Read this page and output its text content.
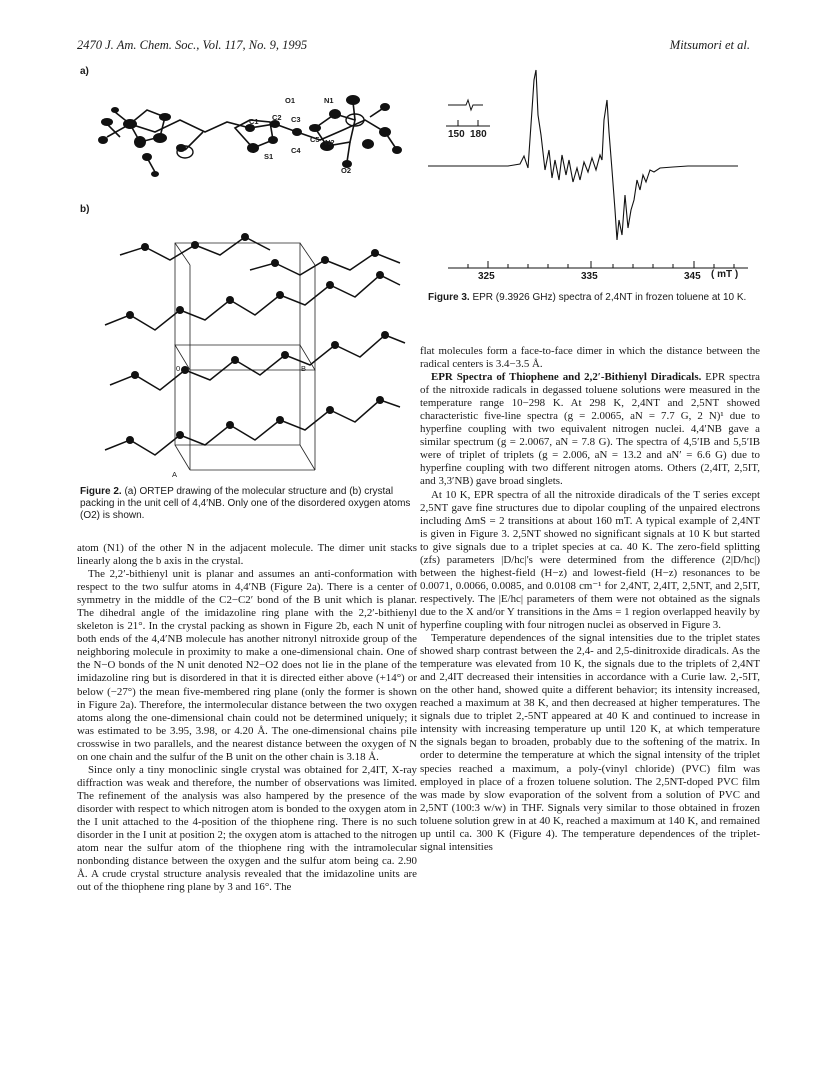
2470 J. Am. Chem. Soc., Vol. 117, No. 9, 1995	Mitsumori et al.
a)
O1	N1
C1 C2 C3
S1
C4
C5 N2
O2
b)
0	B
A
Figure 2. (a) ORTEP drawing of the molecular structure and (b) crystal packing in the unit cell of 4,4′NB. Only one of the disordered oxygen atoms (O2) is shown.
150 180
325	335	345 ( mT )
Figure 3. EPR (9.3926 GHz) spectra of 2,4NT in frozen toluene at 10 K.

atom (N1) of the other N in the adjacent molecule. The dimer unit stacks linearly along the b axis in the crystal.

The 2,2′-bithienyl unit is planar and assumes an anti-conformation with respect to the two sulfur atoms in 4,4′NB (Figure 2a). There is a center of symmetry in the middle of the C2−C2′ bond of the B unit which is planar. The dihedral angle of the imidazoline ring plane with the 2,2′-bithienyl skeleton is 21°. In the crystal packing as shown in Figure 2b, each N unit of both ends of the 4,4′NB molecule has another nitronyl nitroxide group of the neighboring molecule in proximity to make a one-dimensional chain. One of the N−O bonds of the N unit denoted N2−O2 does not lie in the plane of the imidazoline ring but is disordered in that it is directed either above (+14°) or below (−27°) the mean five-membered ring plane (only the former is shown in Figure 2a). Therefore, the intermolecular distance between the two oxygen atoms along the one-dimensional chain could not be determined uniquely; it was estimated to be 3.95, 3.98, or 4.20 Å. The one-dimensional chains pile crosswise in two parallels, and the nearest distance between the oxygen of N on one chain and the sulfur of the B unit on the other chain is 3.18 Å.

Since only a tiny monoclinic single crystal was obtained for 2,4IT, X-ray diffraction was weak and therefore, the number of observations was limited. The refinement of the analysis was also hampered by the presence of the disorder with respect to which nitrogen atom is bonded to the oxygen atom in the I unit attached to the 4-position of the thiophene ring. There is no such disorder in the I unit at position 2; the oxygen atom is attached to the nitrogen atom near the sulfur atom of the thiophene ring with the intramolecular nonbonding distance between the oxygen and the sulfur atom being ca. 2.90 Å. A crude crystal structure analysis revealed that the imidazoline units are out of the thiophene ring plane by 3 and 16°. The

flat molecules form a face-to-face dimer in which the distance between the radical centers is 3.4−3.5 Å.

EPR Spectra of Thiophene and 2,2′-Bithienyl Diradicals. EPR spectra of the nitroxide radicals in degassed toluene solutions were measured in the temperature range 10−298 K. At 298 K, 2,4NT and 2,5NT showed characteristic five-line spectra (g = 2.0065, aN = 7.7 G, 2 N)¹ due to hyperfine coupling with two equivalent nitrogen nuclei. 4,4′NB gave a similar spectrum (g = 2.0067, aN = 7.8 G). The spectra of 4,5′IB and 5,5′IB were of triplet of triplets (g = 2.006, aN = 13.2 and aN′ = 6.6 G) due to hyperfine coupling with two different nitrogen atoms. Others (2,4IT, 2,5IT, and 3,3′NB) gave broad singlets.

At 10 K, EPR spectra of all the nitroxide diradicals of the T series except 2,5NT gave fine structures due to dipolar coupling of the unpaired electrons including ΔmS = 2 transitions at about 160 mT. A typical example of 2,4NT is given in Figure 3. 2,5NT showed no significant signals at 10 K but started to give signals due to a triplet species at ca. 40 K. The zero-field splitting (zfs) parameters |D/hc|'s were determined from the difference (2|D/hc|) between the highest-field (H−z) and lowest-field (H−z) resonances to be 0.0071, 0.0066, 0.0085, and 0.0108 cm⁻¹ for 2,4NT, 2,4IT, 2,5NT, and 2,5IT, respectively. The |E/hc| parameters of them were not obtained as the signals due to the X and/or Y transitions in the Δms = 1 region overlapped heavily by hyperfine coupling with four nitrogen nuclei as observed in Figure 3.

Temperature dependences of the signal intensities due to the triplet states showed sharp contrast between the 2,4- and 2,5-dinitroxide diradicals. As the temperature was elevated from 10 K, the signals due to the triplets of 2,4NT and 2,4IT decreased their intensities in accordance with a Curie law. 2,-5IT, on the other hand, showed quite a different behavior; its intensity increased, reached a maximum at 38 K, and then decreased at higher temperatures. The signals due to triplet 2,-5NT appeared at 40 K and continued to increase in intensity with increasing temperature up until 120 K, at which temperature the signals began to broaden, probably due to the softening of the matrix. In order to determine the temperature at which the signal intensity of the triplet species reached a maximum, a poly-(vinyl chloride) (PVC) film was employed in place of a frozen toluene solution. The 2,5NT-doped PVC film was made by slow evaporation of the solvent from a solution of PVC and 2,5NT (100:3 w/w) in THF. Signals very similar to those obtained in frozen toluene solution grew in at 40 K, reached a maximum at 140 K, and remained up until ca. 300 K (Figure 4). The temperature dependences of the triplet-signal intensities
